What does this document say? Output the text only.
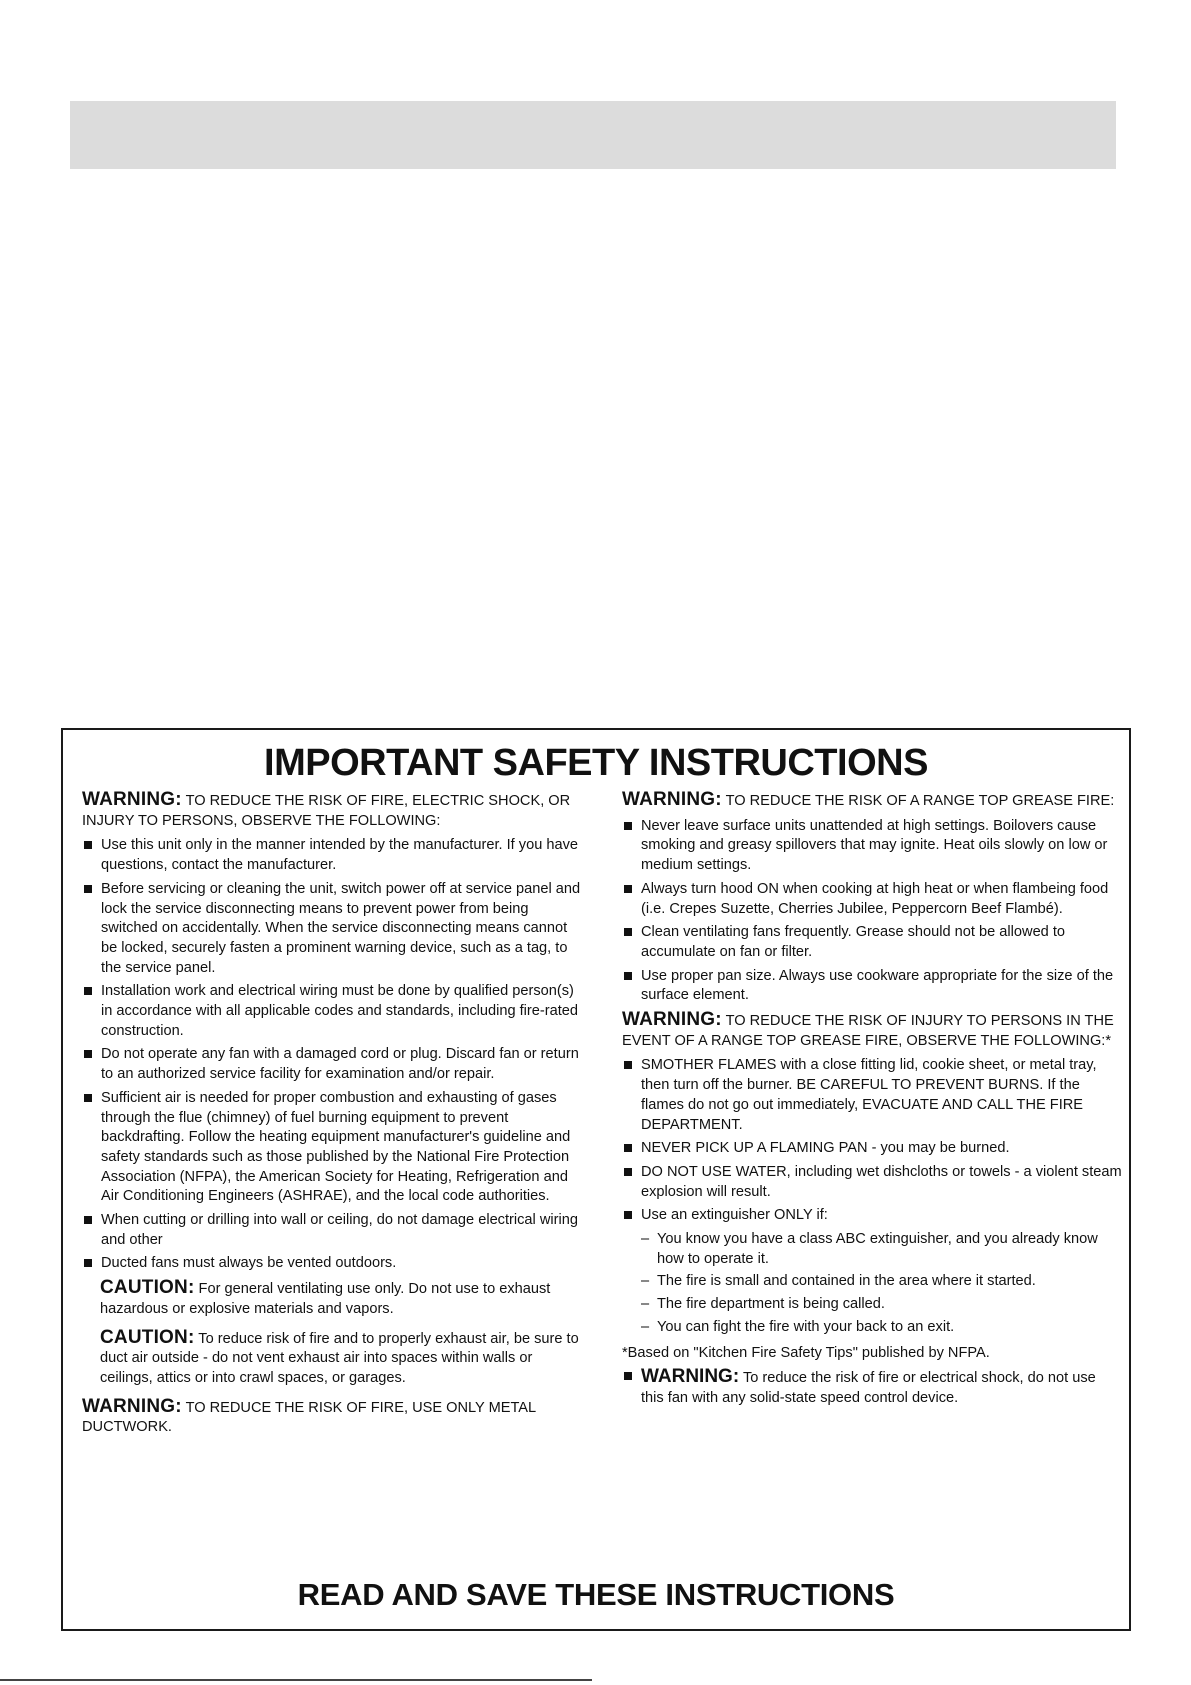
IMPORTANT SAFETY INSTRUCTIONS
WARNING: TO REDUCE THE RISK OF FIRE, ELECTRIC SHOCK, OR INJURY TO PERSONS, OBSERVE THE FOLLOWING:
Use this unit only in the manner intended by the manufacturer. If you have questions, contact the manufacturer.
Before servicing or cleaning the unit, switch power off at service panel and lock the service disconnecting means to prevent power from being switched on accidentally. When the service disconnecting means cannot be locked, securely fasten a prominent warning device, such as a tag, to the service panel.
Installation work and electrical wiring must be done by qualified person(s) in accordance with all applicable codes and standards, including fire-rated construction.
Do not operate any fan with a damaged cord or plug. Discard fan or return to an authorized service facility for examination and/or repair.
Sufficient air is needed for proper combustion and exhausting of gases through the flue (chimney) of fuel burning equipment to prevent backdrafting. Follow the heating equipment manufacturer's guideline and safety standards such as those published by the National Fire Protection Association (NFPA), the American Society for Heating, Refrigeration and Air Conditioning Engineers (ASHRAE), and the local code authorities.
When cutting or drilling into wall or ceiling, do not damage electrical wiring and other
Ducted fans must always be vented outdoors.
CAUTION: For general ventilating use only. Do not use to exhaust hazardous or explosive materials and vapors.
CAUTION: To reduce risk of fire and to properly exhaust air, be sure to duct air outside - do not vent exhaust air into spaces within walls or ceilings, attics or into crawl spaces, or garages.
WARNING: TO REDUCE THE RISK OF FIRE, USE ONLY METAL DUCTWORK.
WARNING: TO REDUCE THE RISK OF A RANGE TOP GREASE FIRE:
Never leave surface units unattended at high settings. Boilovers cause smoking and greasy spillovers that may ignite. Heat oils slowly on low or medium settings.
Always turn hood ON when cooking at high heat or when flambeing food (i.e. Crepes Suzette, Cherries Jubilee, Peppercorn Beef Flambé).
Clean ventilating fans frequently. Grease should not be allowed to accumulate on fan or filter.
Use proper pan size. Always use cookware appropriate for the size of the surface element.
WARNING: TO REDUCE THE RISK OF INJURY TO PERSONS IN THE EVENT OF A RANGE TOP GREASE FIRE, OBSERVE THE FOLLOWING:*
SMOTHER FLAMES with a close fitting lid, cookie sheet, or metal tray, then turn off the burner. BE CAREFUL TO PREVENT BURNS. If the flames do not go out immediately, EVACUATE AND CALL THE FIRE DEPARTMENT.
NEVER PICK UP A FLAMING PAN - you may be burned.
DO NOT USE WATER, including wet dishcloths or towels - a violent steam explosion will result.
Use an extinguisher ONLY if:
– You know you have a class ABC extinguisher, and you already know how to operate it.
– The fire is small and contained in the area where it started.
– The fire department is being called.
– You can fight the fire with your back to an exit.
*Based on "Kitchen Fire Safety Tips" published by NFPA.
WARNING: To reduce the risk of fire or electrical shock, do not use this fan with any solid-state speed control device.
READ AND SAVE THESE INSTRUCTIONS
